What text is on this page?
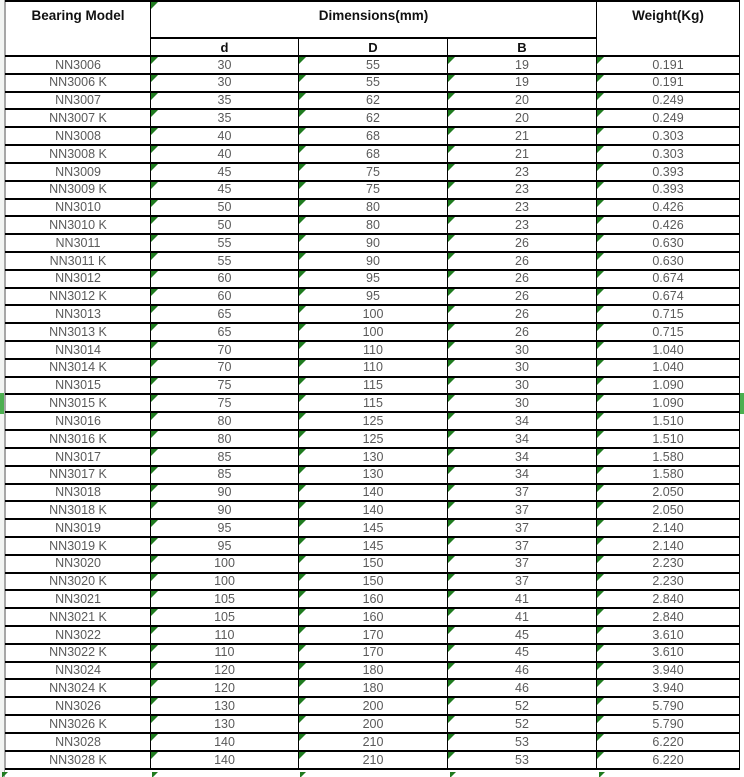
Bearing Model	Dimensions(mm)			Weight(Kg)
	d	D	B	
NN3006	30	55	19	0.191
NN3006 K	30	55	19	0.191
NN3007	35	62	20	0.249
NN3007 K	35	62	20	0.249
NN3008	40	68	21	0.303
NN3008 K	40	68	21	0.303
NN3009	45	75	23	0.393
NN3009 K	45	75	23	0.393
NN3010	50	80	23	0.426
NN3010 K	50	80	23	0.426
NN3011	55	90	26	0.630
NN3011 K	55	90	26	0.630
NN3012	60	95	26	0.674
NN3012 K	60	95	26	0.674
NN3013	65	100	26	0.715
NN3013 K	65	100	26	0.715
NN3014	70	110	30	1.040
NN3014 K	70	110	30	1.040
NN3015	75	115	30	1.090
NN3015 K	75	115	30	1.090
NN3016	80	125	34	1.510
NN3016 K	80	125	34	1.510
NN3017	85	130	34	1.580
NN3017 K	85	130	34	1.580
NN3018	90	140	37	2.050
NN3018 K	90	140	37	2.050
NN3019	95	145	37	2.140
NN3019 K	95	145	37	2.140
NN3020	100	150	37	2.230
NN3020 K	100	150	37	2.230
NN3021	105	160	41	2.840
NN3021 K	105	160	41	2.840
NN3022	110	170	45	3.610
NN3022 K	110	170	45	3.610
NN3024	120	180	46	3.940
NN3024 K	120	180	46	3.940
NN3026	130	200	52	5.790
NN3026 K	130	200	52	5.790
NN3028	140	210	53	6.220
NN3028 K	140	210	53	6.220
